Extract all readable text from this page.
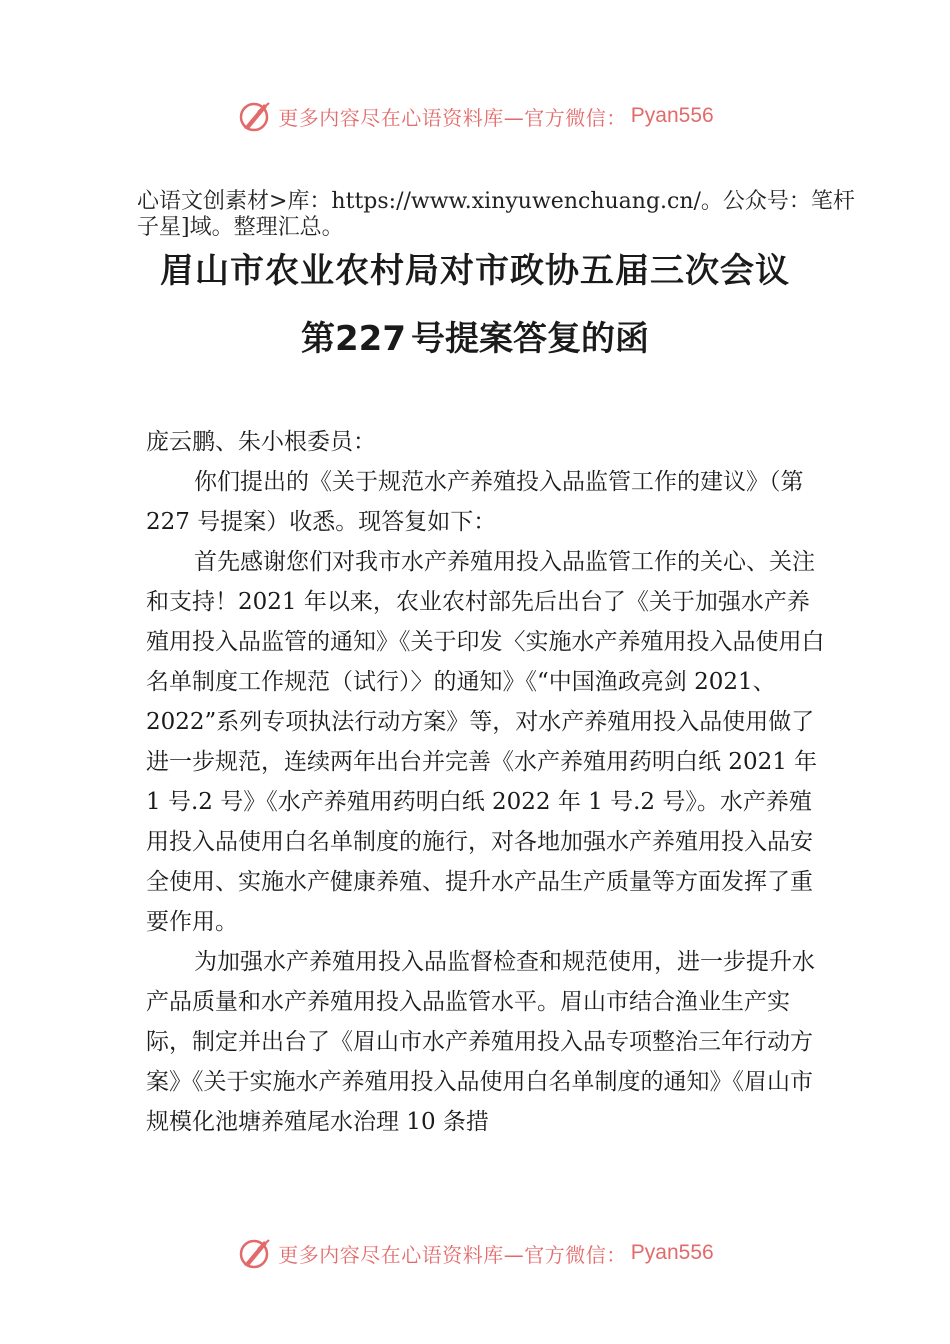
更多内容尽在心语资料库—官方微信： Pyan556
心语文创素材>库：https://www.xinyuwenchuang.cn/。公众号：笔杆子星]域。整理汇总。
眉山市农业农村局对市政协五届三次会议
第227 号提案答复的函

庞云鹏、朱小根委员：

你们提出的《关于规范水产养殖投入品监管工作的建议》（第 227 号提案）收悉。现答复如下：

首先感谢您们对我市水产养殖用投入品监管工作的关心、关注和支持！2021 年以来，农业农村部先后出台了《关于加强水产养殖用投入品监管的通知》《关于印发〈实施水产养殖用投入品使用白名单制度工作规范（试行）〉的通知》《“中国渔政亮剑 2021、2022”系列专项执法行动方案》等，对水产养殖用投入品使用做了进一步规范，连续两年出台并完善《水产养殖用药明白纸 2021 年 1 号.2 号》《水产养殖用药明白纸 2022 年 1 号.2 号》。水产养殖用投入品使用白名单制度的施行，对各地加强水产养殖用投入品安全使用、实施水产健康养殖、提升水产品生产质量等方面发挥了重要作用。

为加强水产养殖用投入品监督检查和规范使用，进一步提升水产品质量和水产养殖用投入品监管水平。眉山市结合渔业生产实际，制定并出台了《眉山市水产养殖用投入品专项整治三年行动方案》《关于实施水产养殖用投入品使用白名单制度的通知》《眉山市规模化池塘养殖尾水治理 10 条措

更多内容尽在心语资料库—官方微信： Pyan556
